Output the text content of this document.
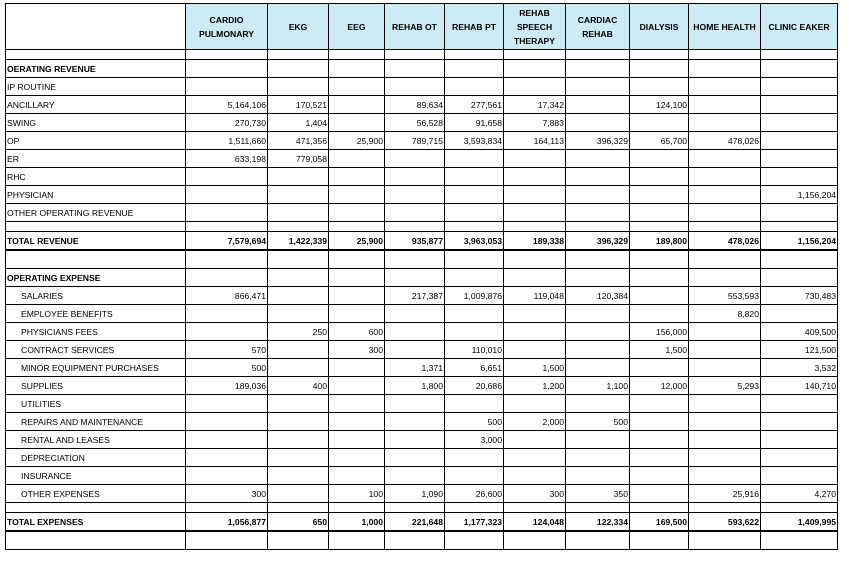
	CARDIO PULMONARY	EKG	EEG	REHAB OT	REHAB PT	REHAB SPEECH THERAPY	CARDIAC REHAB	DIALYSIS	HOME HEALTH	CLINIC EAKER

OERATING REVENUE										
IP ROUTINE										
ANCILLARY	5,164,106	170,521		89,634	277,561	17,342		124,100		
SWING	270,730	1,404		56,528	91,658	7,883				
OP	1,511,660	471,356	25,900	789,715	3,593,834	164,113	396,329	65,700	478,026	
ER	633,198	779,058								
RHC										
PHYSICIAN										1,156,204
OTHER OPERATING REVENUE										

TOTAL REVENUE	7,579,694	1,422,339	25,900	935,877	3,963,053	189,338	396,329	189,800	478,026	1,156,204

OPERATING EXPENSE										
SALARIES	866,471			217,387	1,009,876	119,048	120,384		553,593	730,483
EMPLOYEE BENEFITS									8,820	
PHYSICIANS FEES		250	600					156,000		409,500
CONTRACT SERVICES	570		300		110,010			1,500		121,500
MINOR EQUIPMENT PURCHASES	500			1,371	6,651	1,500				3,532
SUPPLIES	189,036	400		1,800	20,686	1,200	1,100	12,000	5,293	140,710
UTILITIES										
REPAIRS AND MAINTENANCE					500	2,000	500			
RENTAL AND LEASES					3,000					
DEPRECIATION										
INSURANCE										
OTHER EXPENSES	300		100	1,090	26,600	300	350		25,916	4,270

TOTAL EXPENSES	1,056,877	650	1,000	221,648	1,177,323	124,048	122,334	169,500	593,622	1,409,995
